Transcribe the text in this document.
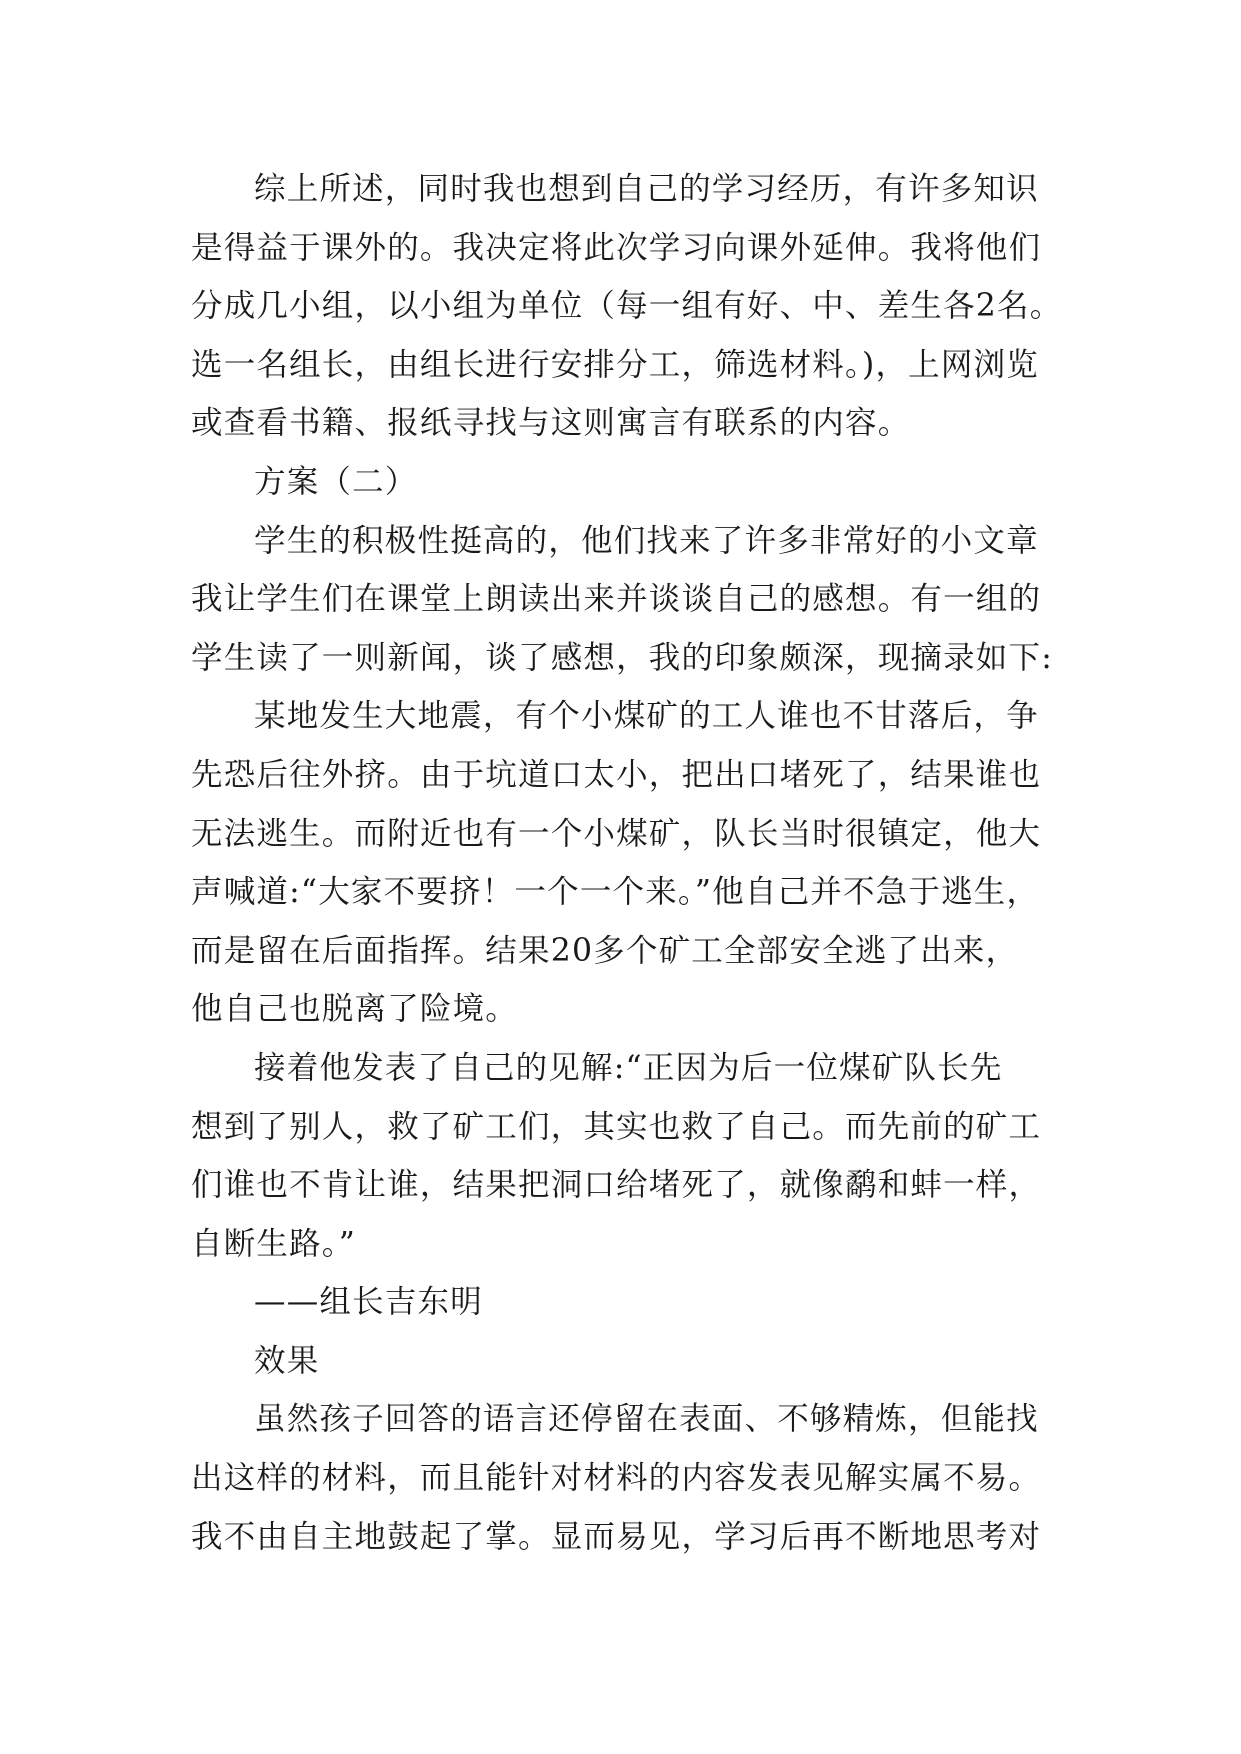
综上所述，同时我也想到自己的学习经历，有许多知识
是得益于课外的。我决定将此次学习向课外延伸。我将他们
分成几小组，以小组为单位（每一组有好、中、差生各2名。
选一名组长，由组长进行安排分工，筛选材料。)，上网浏览
或查看书籍、报纸寻找与这则寓言有联系的内容。
方案（二）
学生的积极性挺高的，他们找来了许多非常好的小文章
我让学生们在课堂上朗读出来并谈谈自己的感想。有一组的
学生读了一则新闻，谈了感想，我的印象颇深，现摘录如下:
某地发生大地震，有个小煤矿的工人谁也不甘落后，争
先恐后往外挤。由于坑道口太小，把出口堵死了，结果谁也
无法逃生。而附近也有一个小煤矿，队长当时很镇定，他大
声喊道:“大家不要挤！一个一个来。”他自己并不急于逃生，
而是留在后面指挥。结果20多个矿工全部安全逃了出来，
他自己也脱离了险境。
接着他发表了自己的见解:“正因为后一位煤矿队长先
想到了别人，救了矿工们，其实也救了自己。而先前的矿工
们谁也不肯让谁，结果把洞口给堵死了，就像鹬和蚌一样，
自断生路。”
——组长吉东明
效果
虽然孩子回答的语言还停留在表面、不够精炼，但能找
出这样的材料，而且能针对材料的内容发表见解实属不易。
我不由自主地鼓起了掌。显而易见，学习后再不断地思考对
